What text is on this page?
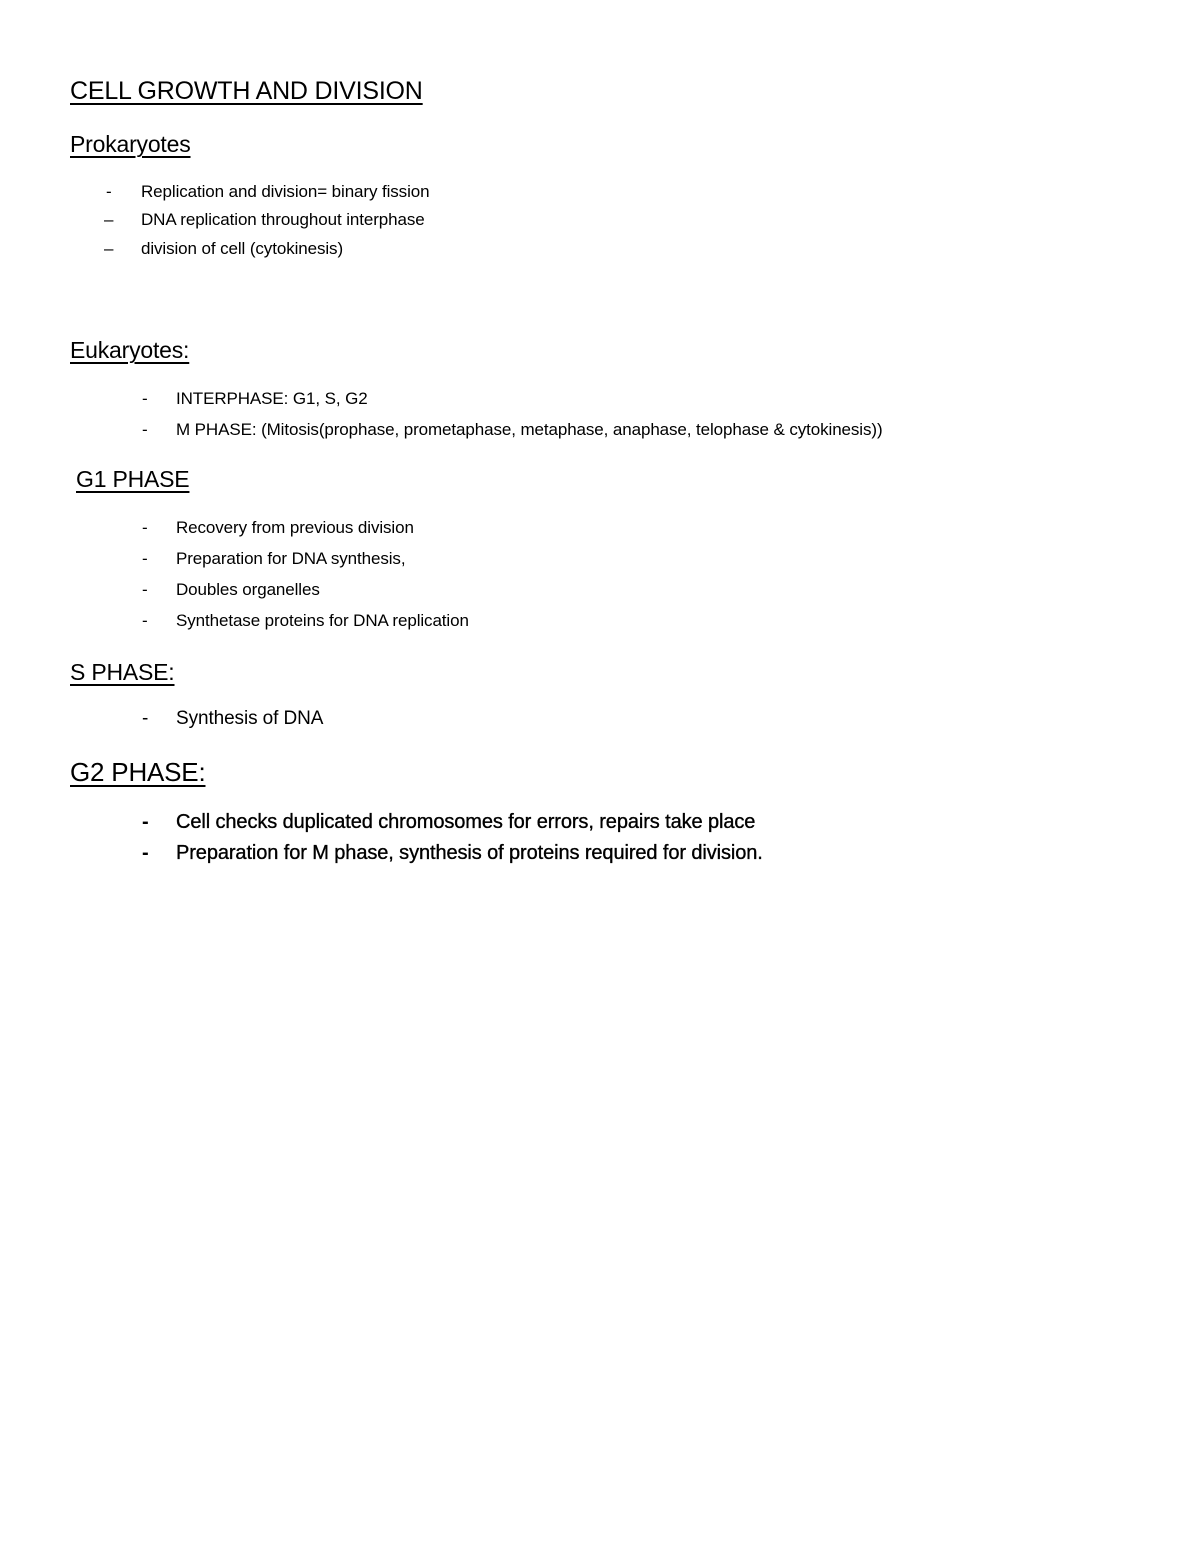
CELL GROWTH AND DIVISION
Prokaryotes
- Replication and division= binary fission
– DNA replication throughout interphase
– division of cell (cytokinesis)
Eukaryotes:
- INTERPHASE: G1, S, G2
- M PHASE: (Mitosis(prophase, prometaphase, metaphase, anaphase, telophase & cytokinesis))
G1 PHASE
- Recovery from previous division
- Preparation for DNA synthesis,
- Doubles organelles
- Synthetase proteins for DNA replication
S PHASE:
- Synthesis of DNA
G2 PHASE:
- Cell checks duplicated chromosomes for errors, repairs take place
- Preparation for M phase, synthesis of proteins required for division.
